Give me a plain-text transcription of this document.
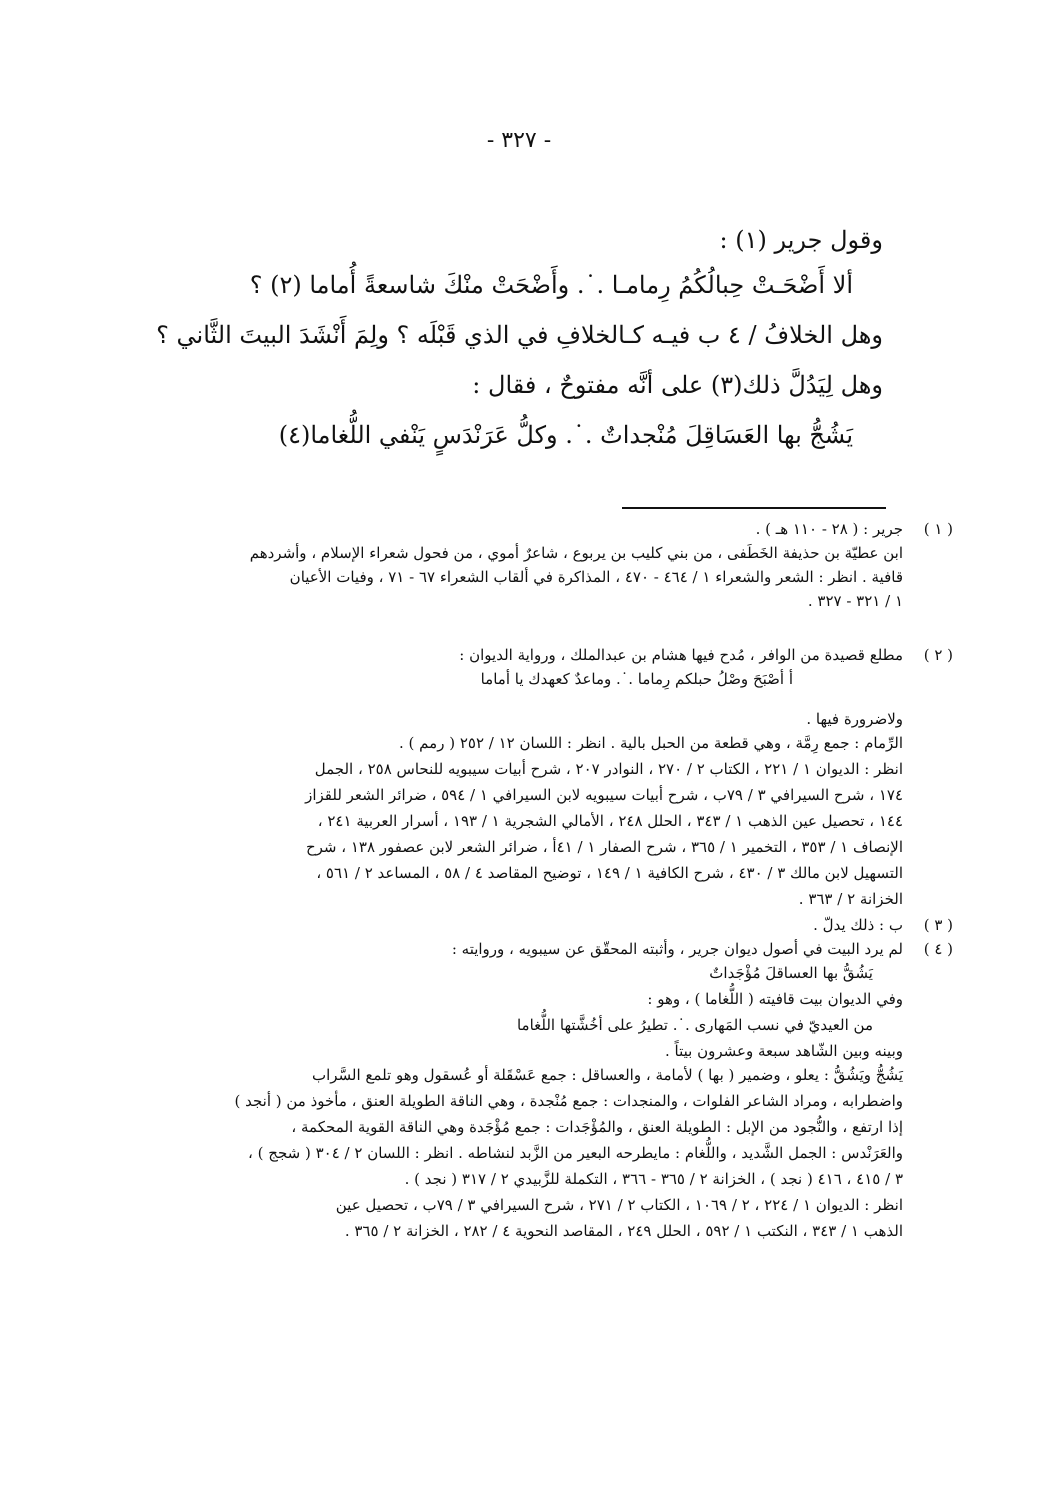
- ٣٢٧ -

وقول جرير (١) :

ألا أَضْحَـتْ حِبالُكُمُ رِمامـا .˙. وأَضْحَتْ منْكَ شاسعةً أُماما (٢) ؟

وهل الخلافُ / ٤ ب فيـه كـالخلافِ في الذي قَبْلَه ؟ ولِمَ أَنْشَدَ البيتَ الثَّاني ؟

وهل لِيَدُلَّ ذلك(٣) على أنَّه مفتوحٌ ، فقال :

يَشُجُّ بها العَسَاقِلَ مُنْجداتٌ .˙. وكلُّ عَرَنْدَسٍ يَنْفي اللُّغاما(٤)

( ١ )

جرير : ( ٢٨ - ١١٠ هـ ) .

ابن عطيّة بن حذيفة الخَطَفى ، من بني كليب بن يربوع ، شاعرٌ أموي ، من فحول شعراء الإسلام ، وأشردهم

قافية . انظر : الشعر والشعراء ١ / ٤٦٤ - ٤٧٠ ، المذاكرة في ألقاب الشعراء ٦٧ - ٧١ ، وفيات الأعيان

١ / ٣٢١ - ٣٢٧ .

( ٢ )

مطلع قصيدة من الوافر ، مُدح فيها هشام بن عبدالملك ، ورواية الديوان :

أ أصْبَحَ وصْلُ حبلكم رِماما .˙. وماعدٌ كعهدك يا أماما

ولاضرورة فيها .

الرِّمام : جمع رِمَّة ، وهي قطعة من الحبل بالية . انظر : اللسان ١٢ / ٢٥٢ ( رمم ) .

انظر : الديوان ١ / ٢٢١ ، الكتاب ٢ / ٢٧٠ ، النوادر ٢٠٧ ، شرح أبيات سيبويه للنحاس ٢٥٨ ، الجمل

١٧٤ ، شرح السيرافي ٣ / ٧٩ب ، شرح أبيات سيبويه لابن السيرافي ١ / ٥٩٤ ، ضرائر الشعر للقزاز

١٤٤ ، تحصيل عين الذهب ١ / ٣٤٣ ، الحلل ٢٤٨ ، الأمالي الشجرية ١ / ١٩٣ ، أسرار العربية ٢٤١ ،

الإنصاف ١ / ٣٥٣ ، التخمير ١ / ٣٦٥ ، شرح الصفار ١ / ٤١أ ، ضرائر الشعر لابن عصفور ١٣٨ ، شرح

التسهيل لابن مالك ٣ / ٤٣٠ ، شرح الكافية ١ / ١٤٩ ، توضيح المقاصد ٤ / ٥٨ ، المساعد ٢ / ٥٦١ ،

الخزانة ٢ / ٣٦٣ .

( ٣ )

ب : ذلك يدلّ .

( ٤ )

لم يرد البيت في أصول ديوان جرير ، وأثبته المحقّق عن سيبويه ، وروايته :

يَشُقُّ بها العساقلَ مُؤْجَداتٌ

وفي الديوان بيت قافيته ( اللُّغاما ) ، وهو :

من العيديّ في نسب المَهارى .˙. تطيرُ على أخُشَّتها اللُّغاما

وبينه وبين الشّاهد سبعة وعشرون بيتاً .

يَشُجُّ ويَشُقُّ : يعلو ، وضمير ( بها ) لأمامة ، والعساقل : جمع عَسْقَلة أو عُسقول وهو تلمع السَّراب

واضطرابه ، ومراد الشاعر الفلوات ، والمنجدات : جمع مُنْجدة ، وهي الناقة الطويلة العنق ، مأخوذ من ( أنجد )

إذا ارتفع ، والنُّجود من الإبل : الطويلة العنق ، والمُؤْجَدات : جمع مُؤْجَدة وهي الناقة القوية المحكمة ،

والعَرَنْدس : الجمل الشَّديد ، واللُّغام : مايطرحه البعير من الزَّبد لنشاطه . انظر : اللسان ٢ / ٣٠٤ ( شجج ) ،

٣ / ٤١٥ ، ٤١٦ ( نجد ) ، الخزانة ٢ / ٣٦٥ - ٣٦٦ ، التكملة للزَّبيدي ٢ / ٣١٧ ( نجد ) .

انظر : الديوان ١ / ٢٢٤ ، ٢ / ١٠٦٩ ، الكتاب ٢ / ٢٧١ ، شرح السيرافي ٣ / ٧٩ب ، تحصيل عين

الذهب ١ / ٣٤٣ ، النكتب ١ / ٥٩٢ ، الحلل ٢٤٩ ، المقاصد النحوية ٤ / ٢٨٢ ، الخزانة ٢ / ٣٦٥ .
